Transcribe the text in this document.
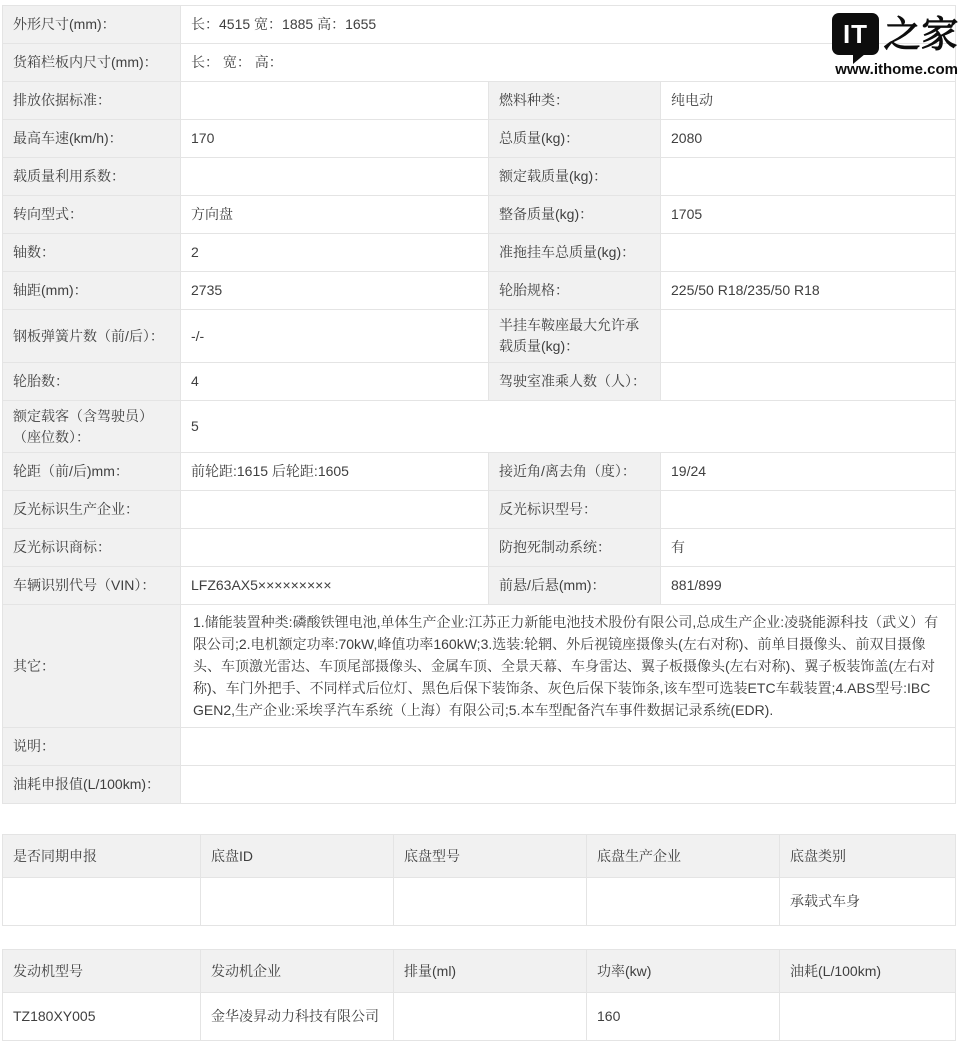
外形尺寸(mm)：	长：4515 宽：1885 高：1655		
货箱栏板内尺寸(mm)：	长： 宽： 高：		
排放依据标准：		燃料种类：	纯电动
最高车速(km/h)：	170	总质量(kg)：	2080
载质量利用系数：		额定载质量(kg)：	
转向型式：	方向盘	整备质量(kg)：	1705
轴数：	2	准拖挂车总质量(kg)：	
轴距(mm)：	2735	轮胎规格：	225/50 R18/235/50 R18
钢板弹簧片数（前/后）：	-/-	半挂车鞍座最大允许承载质量(kg)：	
轮胎数：	4	驾驶室准乘人数（人）：	
额定载客（含驾驶员）（座位数）：	5		
轮距（前/后)mm：	前轮距:1615 后轮距:1605	接近角/离去角（度）：	19/24
反光标识生产企业：		反光标识型号：	
反光标识商标：		防抱死制动系统：	有
车辆识别代号（VIN）：	LFZ63AX5×××××××××	前悬/后悬(mm)：	881/899
其它：	1.储能装置种类:磷酸铁锂电池,单体生产企业:江苏正力新能电池技术股份有限公司,总成生产企业:凌骁能源科技（武义）有限公司;2.电机额定功率:70kW,峰值功率160kW;3.选装:轮辋、外后视镜座摄像头(左右对称)、前单目摄像头、前双目摄像头、车顶激光雷达、车顶尾部摄像头、金属车顶、全景天幕、车身雷达、翼子板摄像头(左右对称)、翼子板装饰盖(左右对称)、车门外把手、不同样式后位灯、黑色后保下装饰条、灰色后保下装饰条,该车型可选装ETC车载装置;4.ABS型号:IBC GEN2,生产企业:采埃孚汽车系统（上海）有限公司;5.本车型配备汽车事件数据记录系统(EDR).		
说明：			
油耗申报值(L/100km)：			
是否同期申报	底盘ID	底盘型号	底盘生产企业	底盘类别
				承载式车身
发动机型号	发动机企业	排量(ml)	功率(kw)	油耗(L/100km)
TZ180XY005	金华凌昇动力科技有限公司		160	
IT 之家
www.ithome.com
